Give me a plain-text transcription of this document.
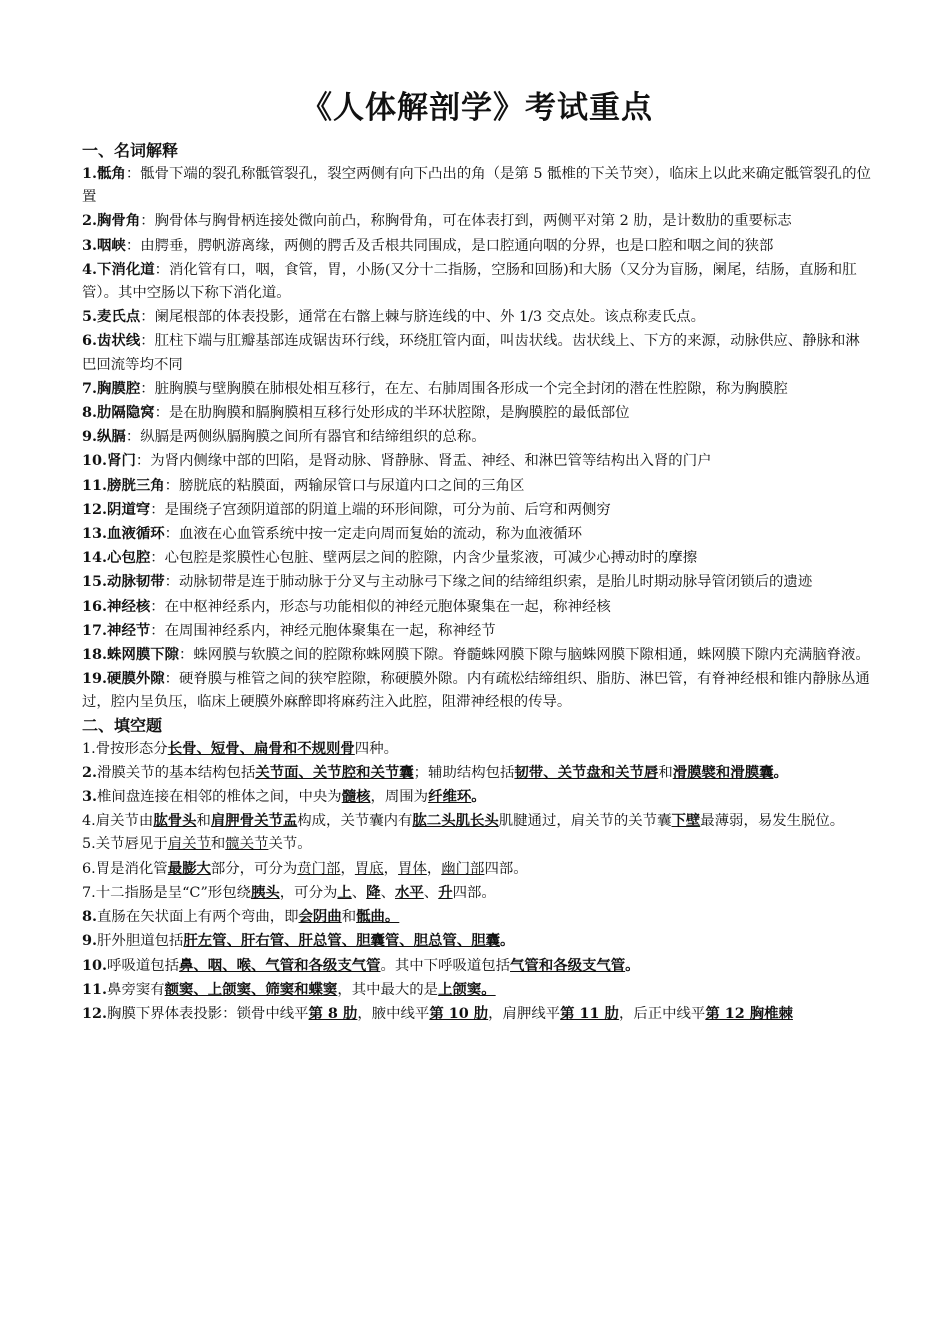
《人体解剖学》考试重点

一、名词解释

1.骶角：骶骨下端的裂孔称骶管裂孔，裂空两侧有向下凸出的角（是第 5 骶椎的下关节突），临床上以此来确定骶管裂孔的位置

2.胸骨角：胸骨体与胸骨柄连接处微向前凸，称胸骨角，可在体表打到，两侧平对第 2 肋，是计数肋的重要标志

3.咽峡：由腭垂，腭帆游离缘，两侧的腭舌及舌根共同围成，是口腔通向咽的分界，也是口腔和咽之间的狭部

4.下消化道：消化管有口，咽，食管，胃，小肠(又分十二指肠，空肠和回肠)和大肠（又分为盲肠，阑尾，结肠，直肠和肛管）。其中空肠以下称下消化道。

5.麦氏点：阑尾根部的体表投影，通常在右髂上棘与脐连线的中、外 1/3 交点处。该点称麦氏点。

6.齿状线：肛柱下端与肛瓣基部连成锯齿环行线，环绕肛管内面，叫齿状线。齿状线上、下方的来源，动脉供应、静脉和淋巴回流等均不同

7.胸膜腔：脏胸膜与壁胸膜在肺根处相互移行，在左、右肺周围各形成一个完全封闭的潜在性腔隙，称为胸膜腔

8.肋隔隐窝：是在肋胸膜和膈胸膜相互移行处形成的半环状腔隙，是胸膜腔的最低部位

9.纵膈：纵膈是两侧纵膈胸膜之间所有器官和结缔组织的总称。

10.肾门：为肾内侧缘中部的凹陷，是肾动脉、肾静脉、肾盂、神经、和淋巴管等结构出入肾的门户

11.膀胱三角：膀胱底的粘膜面，两输尿管口与尿道内口之间的三角区

12.阴道穹：是围绕子宫颈阴道部的阴道上端的环形间隙，可分为前、后穹和两侧穷

13.血液循环：血液在心血管系统中按一定走向周而复始的流动，称为血液循环

14.心包腔：心包腔是浆膜性心包脏、壁两层之间的腔隙，内含少量浆液，可减少心搏动时的摩擦

15.动脉韧带：动脉韧带是连于肺动脉于分叉与主动脉弓下缘之间的结缔组织索，是胎儿时期动脉导管闭锁后的遗迹

16.神经核：在中枢神经系内，形态与功能相似的神经元胞体聚集在一起，称神经核

17.神经节：在周围神经系内，神经元胞体聚集在一起，称神经节

18.蛛网膜下隙：蛛网膜与软膜之间的腔隙称蛛网膜下隙。脊髓蛛网膜下隙与脑蛛网膜下隙相通，蛛网膜下隙内充满脑脊液。

19.硬膜外隙：硬脊膜与椎管之间的狭窄腔隙，称硬膜外隙。内有疏松结缔组织、脂肪、淋巴管，有脊神经根和锥内静脉丛通过，腔内呈负压，临床上硬膜外麻醉即将麻药注入此腔，阻滞神经根的传导。

二、填空题

1.骨按形态分长骨、短骨、扁骨和不规则骨四种。

2.滑膜关节的基本结构包括关节面、关节腔和关节囊；辅助结构包括韧带、关节盘和关节唇和滑膜襞和滑膜囊。

3.椎间盘连接在相邻的椎体之间，中央为髓核，周围为纤维环。

4.肩关节由肱骨头和肩胛骨关节盂构成，关节囊内有肱二头肌长头肌腱通过，肩关节的关节囊下壁最薄弱，易发生脱位。

5.关节唇见于肩关节和髋关节关节。

6.胃是消化管最膨大部分，可分为贲门部，胃底，胃体，幽门部四部。

7.十二指肠是呈“C”形包绕胰头，可分为上、降、水平、升四部。

8.直肠在矢状面上有两个弯曲，即会阴曲和骶曲。

9.肝外胆道包括肝左管、肝右管、肝总管、胆囊管、胆总管、胆囊。

10.呼吸道包括鼻、咽、喉、气管和各级支气管。其中下呼吸道包括气管和各级支气管。

11.鼻旁窦有额窦、上颌窦、筛窦和蝶窦，其中最大的是上颌窦。

12.胸膜下界体表投影：锁骨中线平第 8 肋，腋中线平第 10 肋，肩胛线平第 11 肋，后正中线平第 12 胸椎棘
